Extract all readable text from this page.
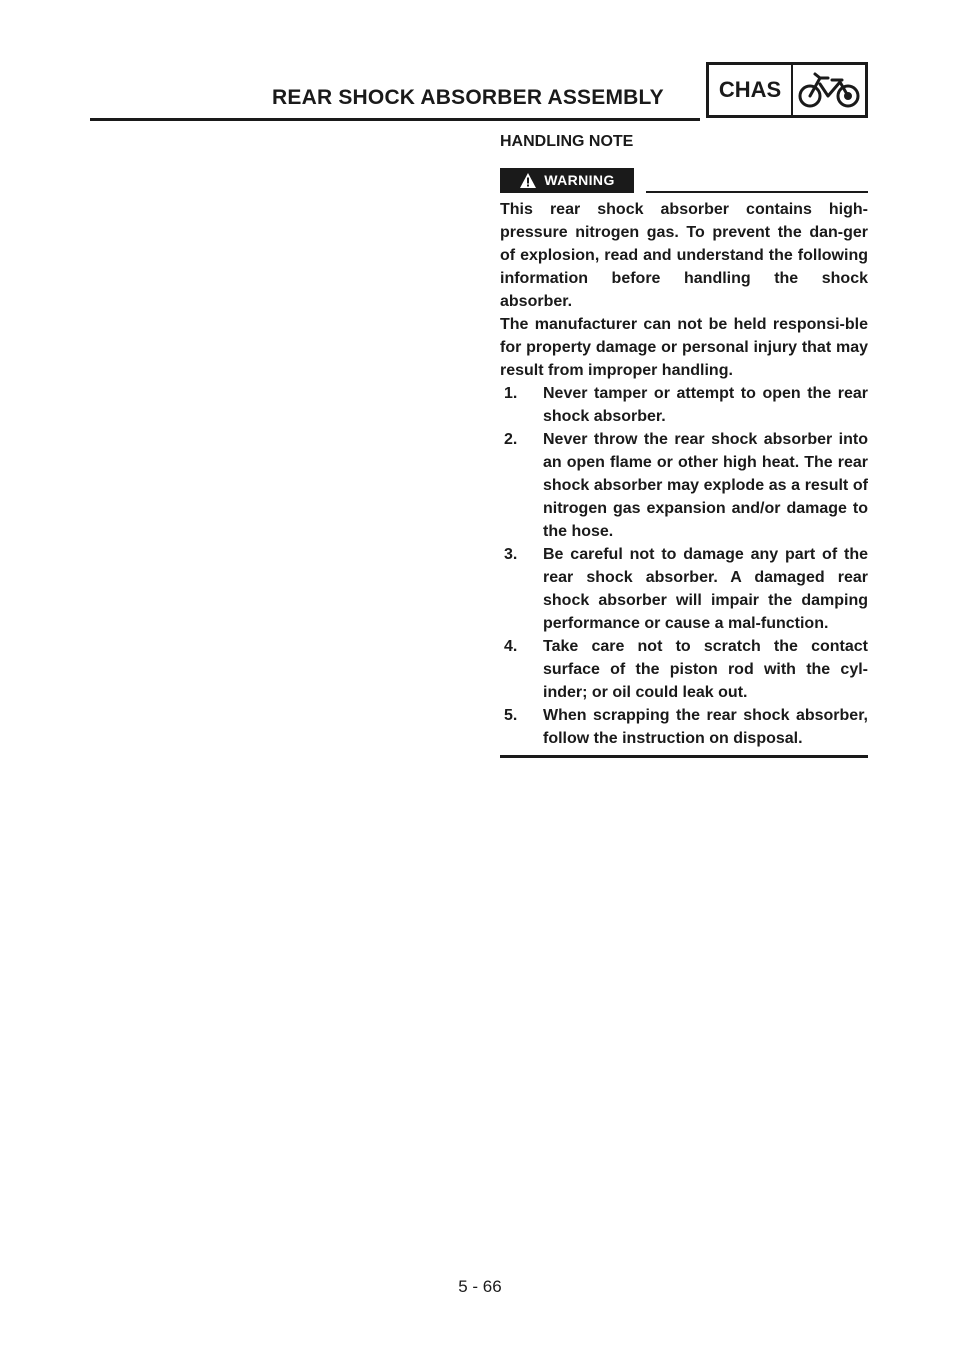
REAR SHOCK ABSORBER ASSEMBLY	CHAS
HANDLING NOTE
WARNING
This rear shock absorber contains high-pressure nitrogen gas. To prevent the dan-ger of explosion, read and understand the following information before handling the shock absorber.
The manufacturer can not be held responsi-ble for property damage or personal injury that may result from improper handling.
1.	Never tamper or attempt to open the rear shock absorber.
2.	Never throw the rear shock absorber into an open flame or other high heat. The rear shock absorber may explode as a result of nitrogen gas expansion and/or damage to the hose.
3.	Be careful not to damage any part of the rear shock absorber. A damaged rear shock absorber will impair the damping performance or cause a mal-function.
4.	Take care not to scratch the contact surface of the piston rod with the cyl-inder; or oil could leak out.
5.	When scrapping the rear shock absorber, follow the instruction on disposal.
5 - 66
